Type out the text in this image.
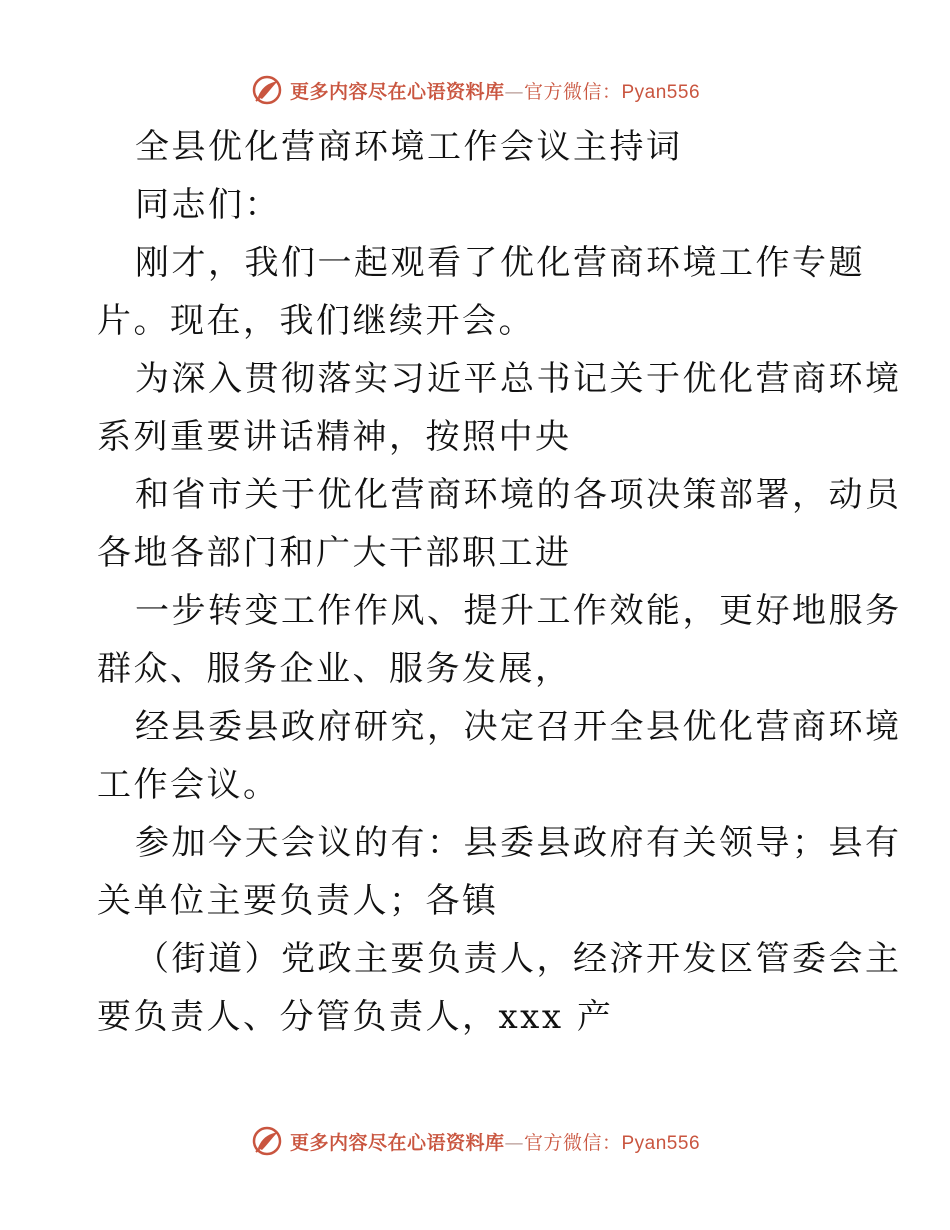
更多内容尽在心语资料库—官方微信：Pyan556

全县优化营商环境工作会议主持词

同志们：

刚才，我们一起观看了优化营商环境工作专题

片。现在，我们继续开会。

为深入贯彻落实习近平总书记关于优化营商环境

系列重要讲话精神，按照中央

和省市关于优化营商环境的各项决策部署，动员

各地各部门和广大干部职工进

一步转变工作作风、提升工作效能，更好地服务

群众、服务企业、服务发展，

经县委县政府研究，决定召开全县优化营商环境

工作会议。

参加今天会议的有：县委县政府有关领导；县有

关单位主要负责人；各镇

（街道）党政主要负责人，经济开发区管委会主

要负责人、分管负责人，xxx 产

更多内容尽在心语资料库—官方微信：Pyan556
